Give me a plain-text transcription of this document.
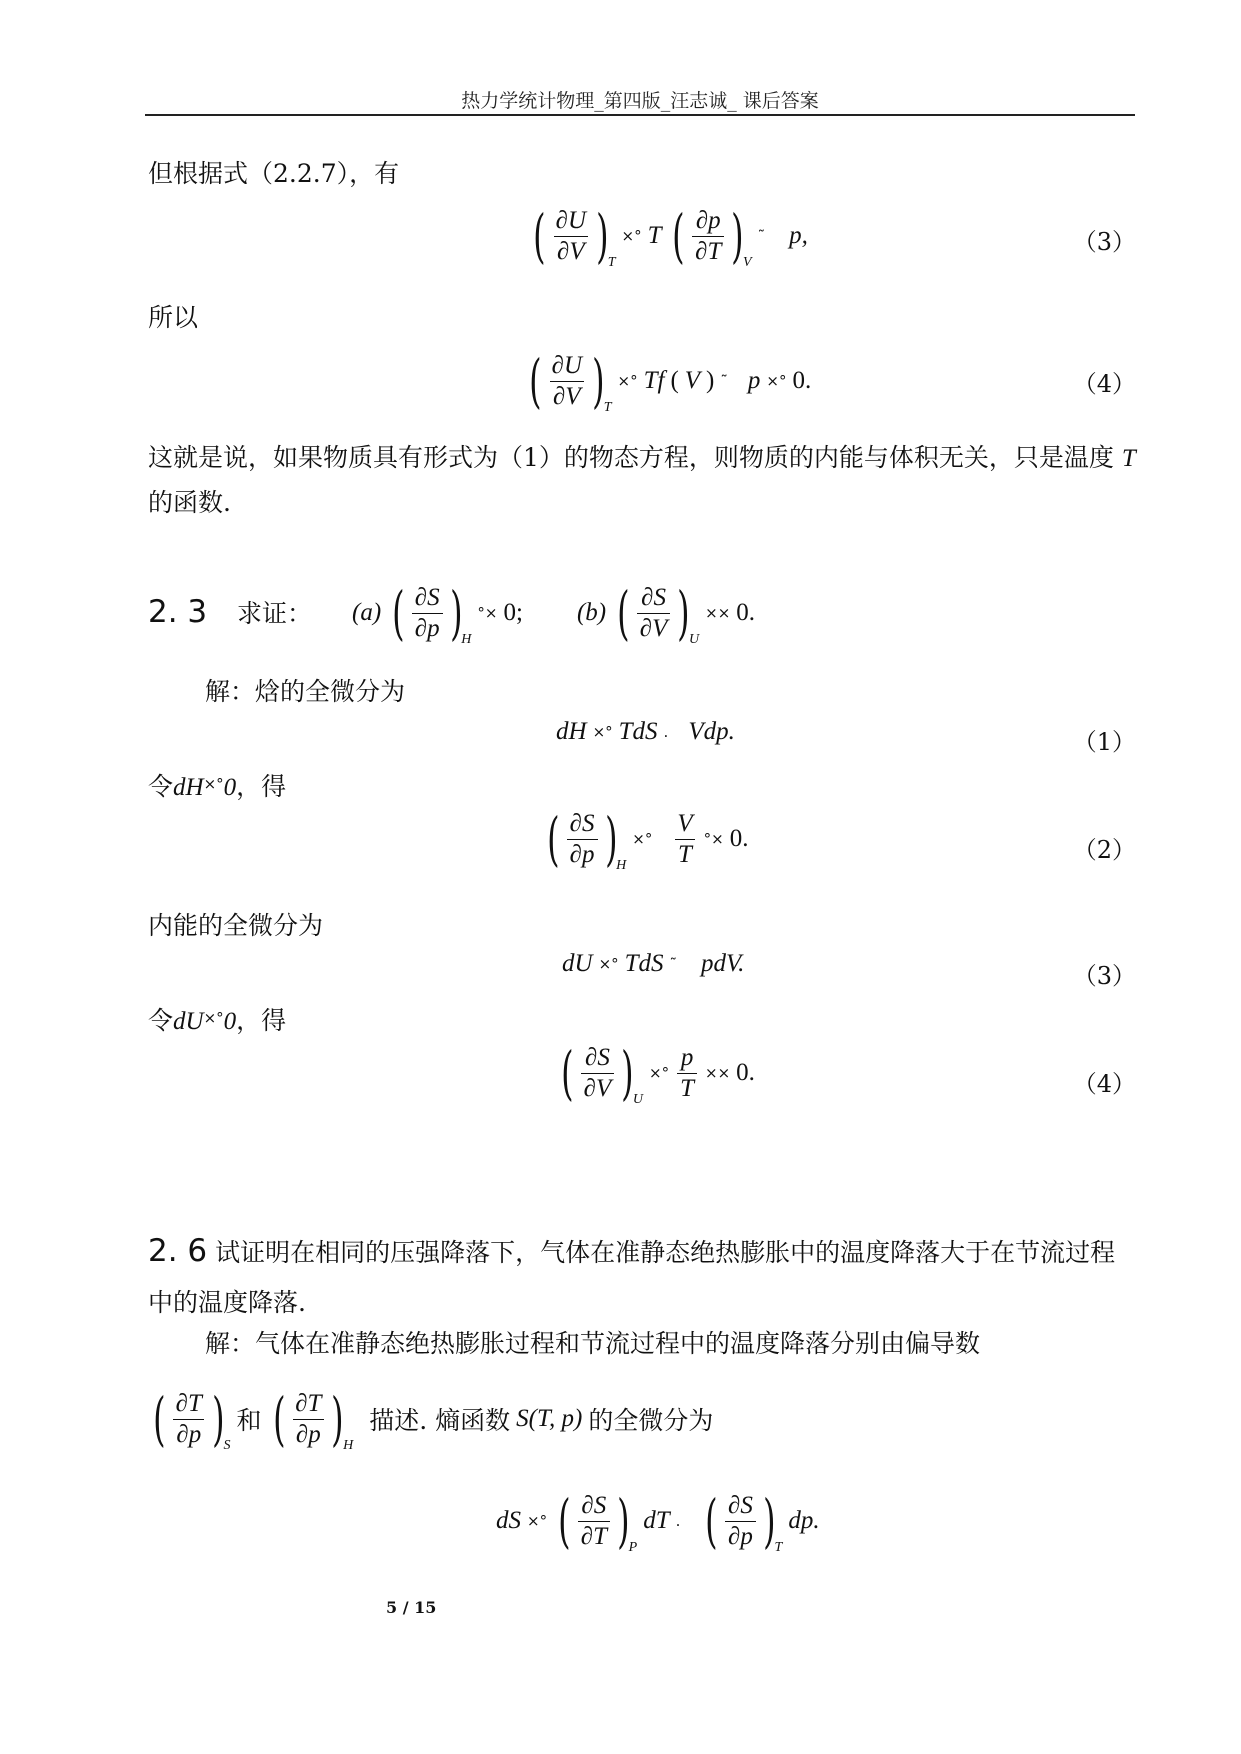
热力学统计物理_第四版_汪志诚_ 课后答案
但根据式（2.2.7），有
( $\frac{\partial U}{\partial V}$ ) T
×° T ( $\frac{\partial p}{\partial T}$ ) V
˜ p,	（3）
所以
( $\frac{\partial U}{\partial V}$ ) T
×° Tf ( V ) ˜ p ×° 0.	（4）
这就是说，如果物质具有形式为（1）的物态方程，则物质的内能与体积无关，只是温度 T 的函数.
2. 3 求证： (a) ( $\frac{\partial S}{\partial p}$ ) H
°× 0; (b) ( $\frac{\partial S}{\partial V}$ ) U
×× 0.
解：焓的全微分为
dH ×° TdS . Vdp.	（1）
令dH×°0，得
( $\frac{\partial S}{\partial p}$ ) H
×° $\frac{V}{T}$ °× 0.	（2）
内能的全微分为
dU ×° TdS ˜ pdV.	（3）
令dU×°0，得
( $\frac{\partial S}{\partial V}$ ) U
×° $\frac{p}{T} \times\times 0$.	（4）
2. 6 试证明在相同的压强降落下，气体在准静态绝热膨胀中的温度降落大于在节流过程中的温度降落.
解：气体在准静态绝热膨胀过程和节流过程中的温度降落分别由偏导数
( $\frac{\partial T}{\partial p}$ ) S
和 ( $\frac{\partial T}{\partial p}$ ) H
描述. 熵函数 S(T, p) 的全微分为
dS ×° ( $\frac{\partial S}{\partial T}$ ) P
dT . ( $\frac{\partial S}{\partial p}$ ) T
dp.
5 / 15
